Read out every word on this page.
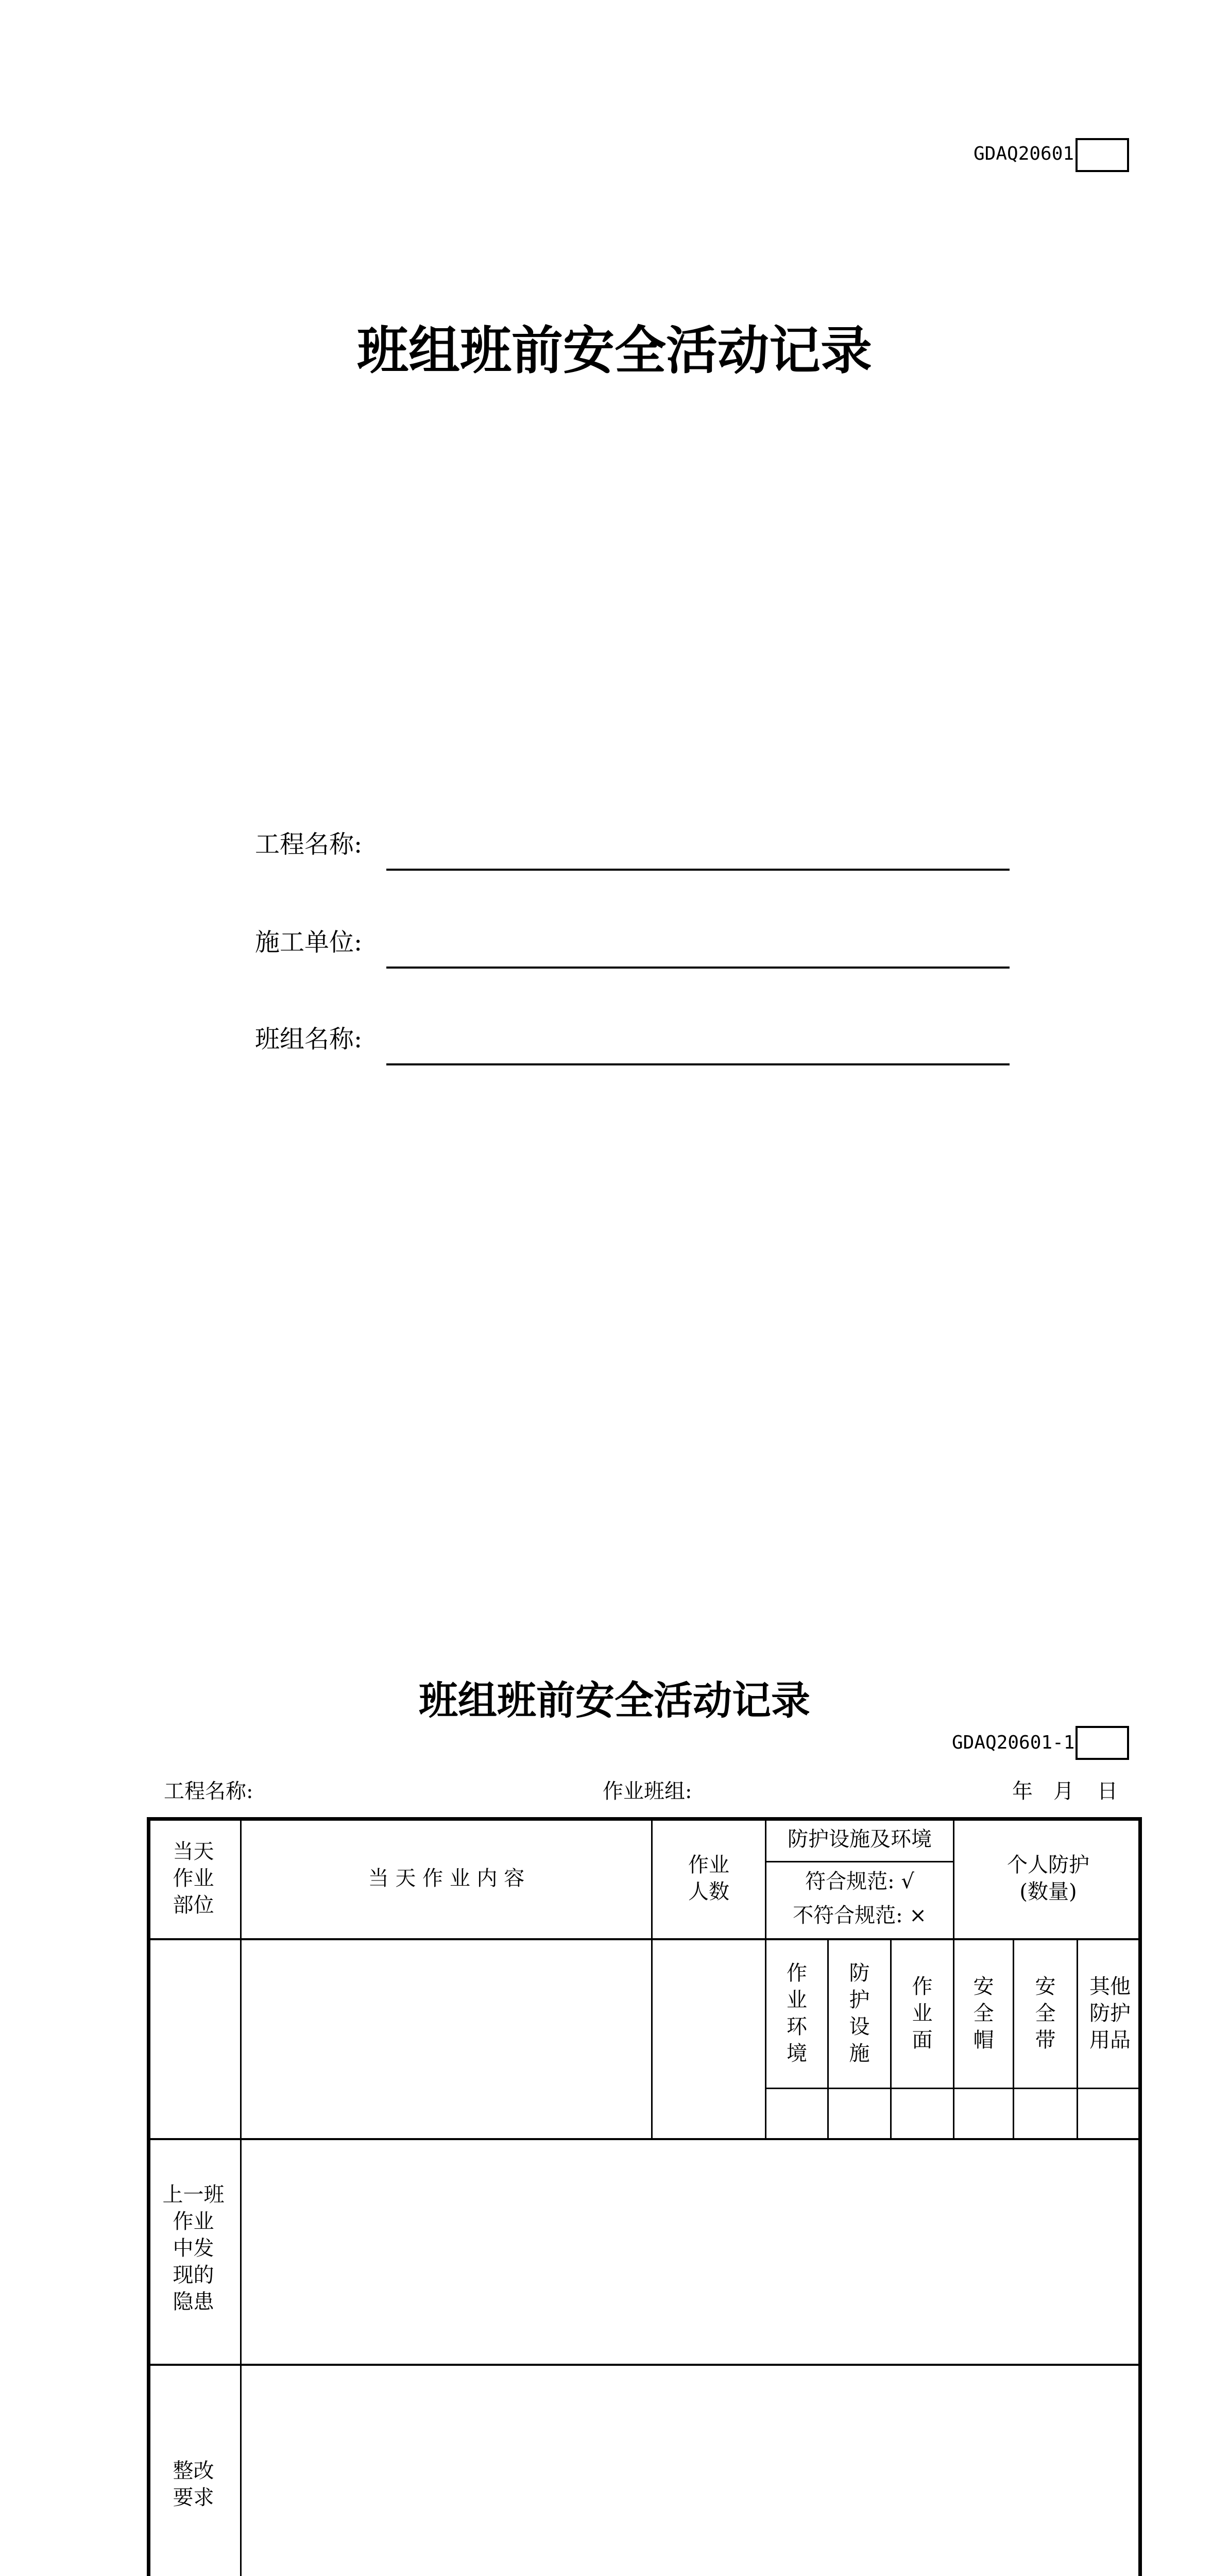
GDAQ20601
班组班前安全活动记录
工程名称:
施工单位:
班组名称:
班组班前安全活动记录
GDAQ20601-1
工程名称:	作业班组:	年 月 日
当天
作业
部位
当 天 作 业 内 容
作业
人数
防护设施及环境
符合规范: √
不符合规范: ×
个人防护
(数量)
作
业
环
境
防
护
设
施
作
业
面
安
全
帽
安
全
带
其他
防护
用品
上一班
作业
中发
现的
隐患
整改
要求
